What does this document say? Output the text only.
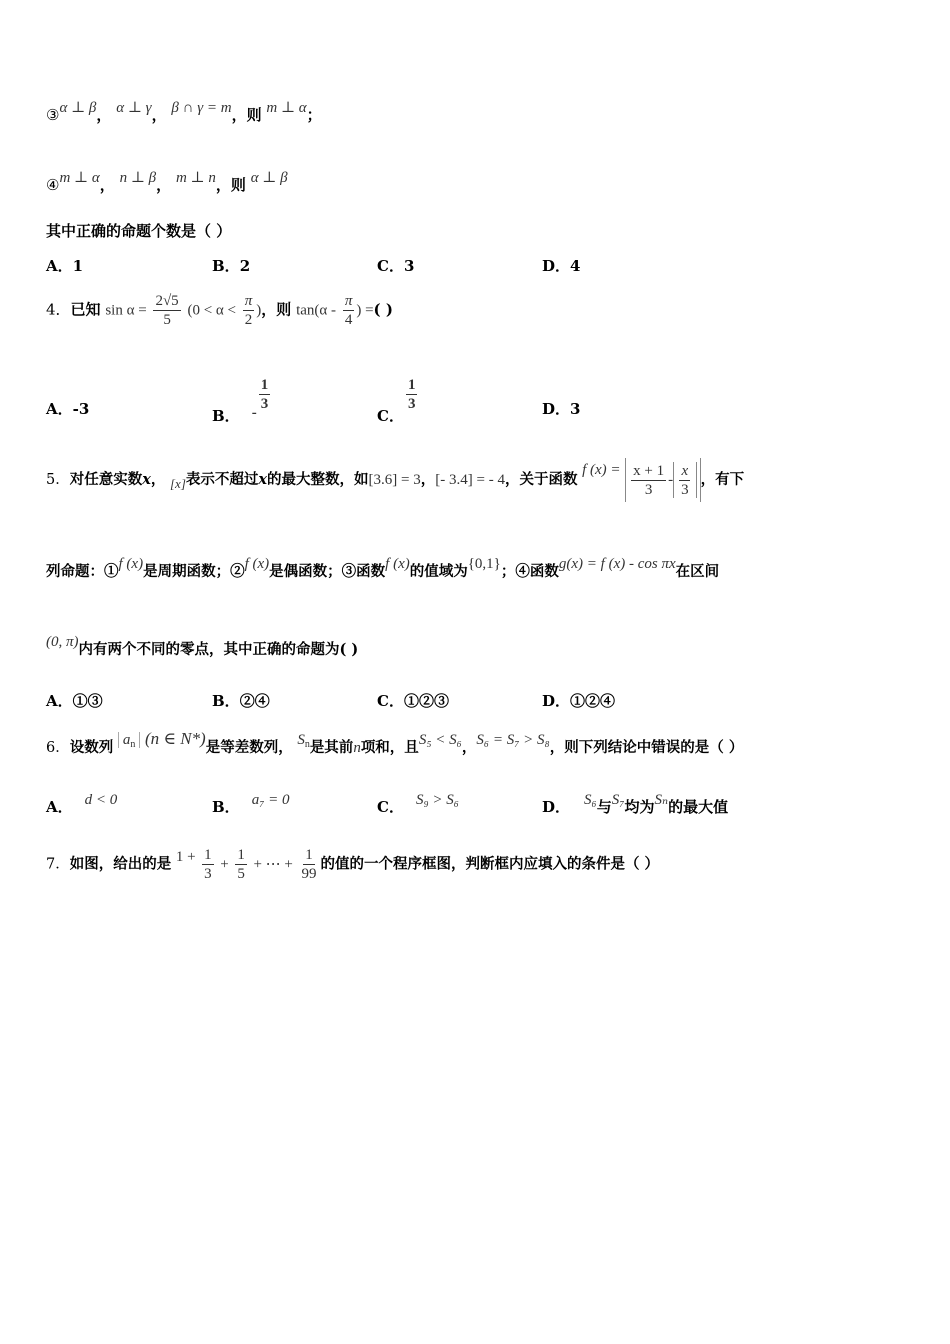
③α ⊥ β， α ⊥ γ， β ∩ γ = m，则 m ⊥ α；
④m ⊥ α， n ⊥ β， m ⊥ n，则 α ⊥ β
其中正确的命题个数是（ ）
A．1	B．2	C．3	D．4
4．已知 $\sin \alpha = \frac{2√5}{5} (0 < \alpha < \frac{\pi}{2}$ )，则 $\tan(\alpha - \frac{\pi}{4}$ ) =( )
A．-3	B． - $\frac{1}{3}$
C．
$\frac{1}{3}$	D．3
5．对任意实数x， [x]表示不超过x的最大整数，如[3.6] = 3，[- 3.4] = - 4，关于函数 f $(x) = \frac{x + 1}{3} - \frac{x}{3}$ ，有下
列命题：①f (x)是周期函数；②f (x)是偶函数；③函数f (x)的值域为{0,1}；④函数g(x) = f (x) - cos πx在区间
(0, π)内有两个不同的零点，其中正确的命题为( )
A．①③	B．②④	C．①②③	D．①②④
6．设数列 $a_n$ (n ∈ N*)是等差数列， $S_n$是其前n项和，且S₅ < S₆，S₆ = S₇ > S₈，则下列结论中错误的是（ ）
A． d < 0	B． a₇ = 0	C． S₉ > S₆	D． S₆与S₇均为Sₙ的最大值
7．如图，给出的是 $1 + \frac{1}{3} + \frac{1}{5}$ + ⋯ + $\frac{1}{99}$ 的值的一个程序框图，判断框内应填入的条件是（ ）
